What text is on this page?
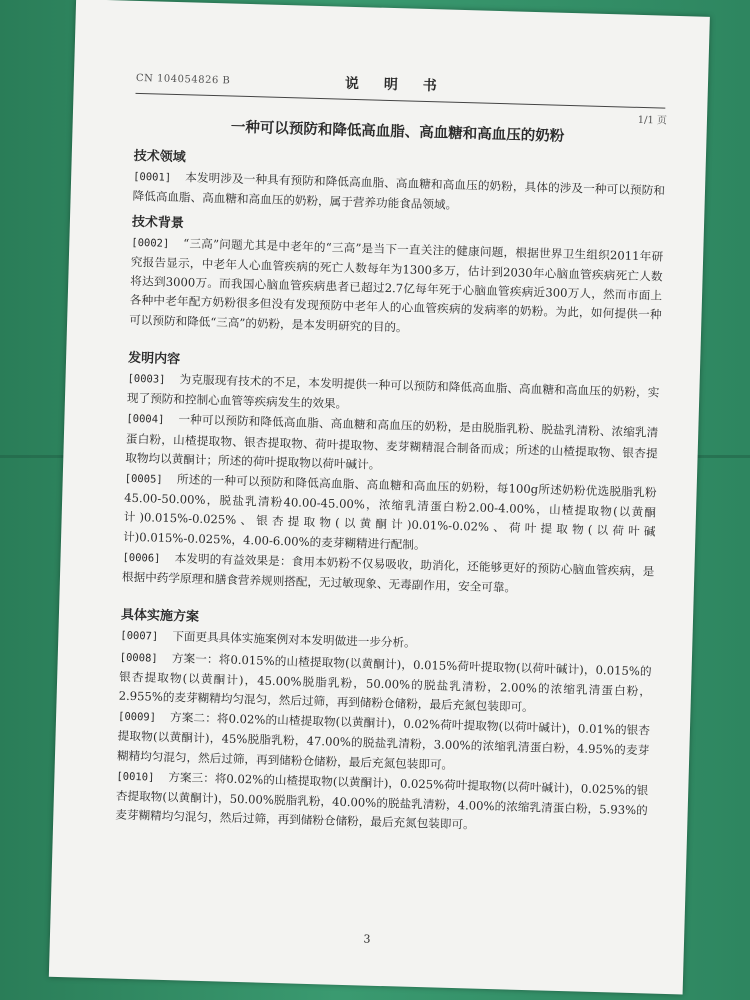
CN 104054826 B	说 明 书
1/1 页
一种可以预防和降低高血脂、高血糖和高血压的奶粉
技术领域

[0001] 本发明涉及一种具有预防和降低高血脂、高血糖和高血压的奶粉，具体的涉及一种可以预防和降低高血脂、高血糖和高血压的奶粉，属于营养功能食品领域。

技术背景

[0002] “三高”问题尤其是中老年的“三高”是当下一直关注的健康问题，根据世界卫生组织2011年研究报告显示，中老年人心血管疾病的死亡人数每年为1300多万，估计到2030年心脑血管疾病死亡人数将达到3000万。而我国心脑血管疾病患者已超过2.7亿每年死于心脑血管疾病近300万人，然而市面上各种中老年配方奶粉很多但没有发现预防中老年人的心血管疾病的发病率的奶粉。为此，如何提供一种可以预防和降低“三高”的奶粉，是本发明研究的目的。

发明内容

[0003] 为克服现有技术的不足，本发明提供一种可以预防和降低高血脂、高血糖和高血压的奶粉，实现了预防和控制心血管等疾病发生的效果。

[0004] 一种可以预防和降低高血脂、高血糖和高血压的奶粉，是由脱脂乳粉、脱盐乳清粉、浓缩乳清蛋白粉，山楂提取物、银杏提取物、荷叶提取物、麦芽糊精混合制备而成；所述的山楂提取物、银杏提取物均以黄酮计；所述的荷叶提取物以荷叶碱计。

[0005] 所述的一种可以预防和降低高血脂、高血糖和高血压的奶粉，每100g所述奶粉优选脱脂乳粉45.00-50.00%，脱盐乳清粉40.00-45.00%，浓缩乳清蛋白粉2.00-4.00%，山楂提取物(以黄酮计)0.015%-0.025%、银杏提取物(以黄酮计)0.01%-0.02%、荷叶提取物(以荷叶碱计)0.015%-0.025%，4.00-6.00%的麦芽糊精进行配制。

[0006] 本发明的有益效果是：食用本奶粉不仅易吸收，助消化，还能够更好的预防心脑血管疾病，是根据中药学原理和膳食营养规则搭配，无过敏现象、无毒副作用，安全可靠。

具体实施方案

[0007] 下面更具具体实施案例对本发明做进一步分析。

[0008] 方案一：将0.015%的山楂提取物(以黄酮计)，0.015%荷叶提取物(以荷叶碱计)，0.015%的银杏提取物(以黄酮计)，45.00%脱脂乳粉，50.00%的脱盐乳清粉，2.00%的浓缩乳清蛋白粉，2.955%的麦芽糊精均匀混匀，然后过筛，再到储粉仓储粉，最后充氮包装即可。

[0009] 方案二：将0.02%的山楂提取物(以黄酮计)，0.02%荷叶提取物(以荷叶碱计)，0.01%的银杏提取物(以黄酮计)，45%脱脂乳粉，47.00%的脱盐乳清粉，3.00%的浓缩乳清蛋白粉，4.95%的麦芽糊精均匀混匀，然后过筛，再到储粉仓储粉，最后充氮包装即可。

[0010] 方案三：将0.02%的山楂提取物(以黄酮计)，0.025%荷叶提取物(以荷叶碱计)，0.025%的银杏提取物(以黄酮计)，50.00%脱脂乳粉，40.00%的脱盐乳清粉，4.00%的浓缩乳清蛋白粉，5.93%的麦芽糊精均匀混匀，然后过筛，再到储粉仓储粉，最后充氮包装即可。

3
